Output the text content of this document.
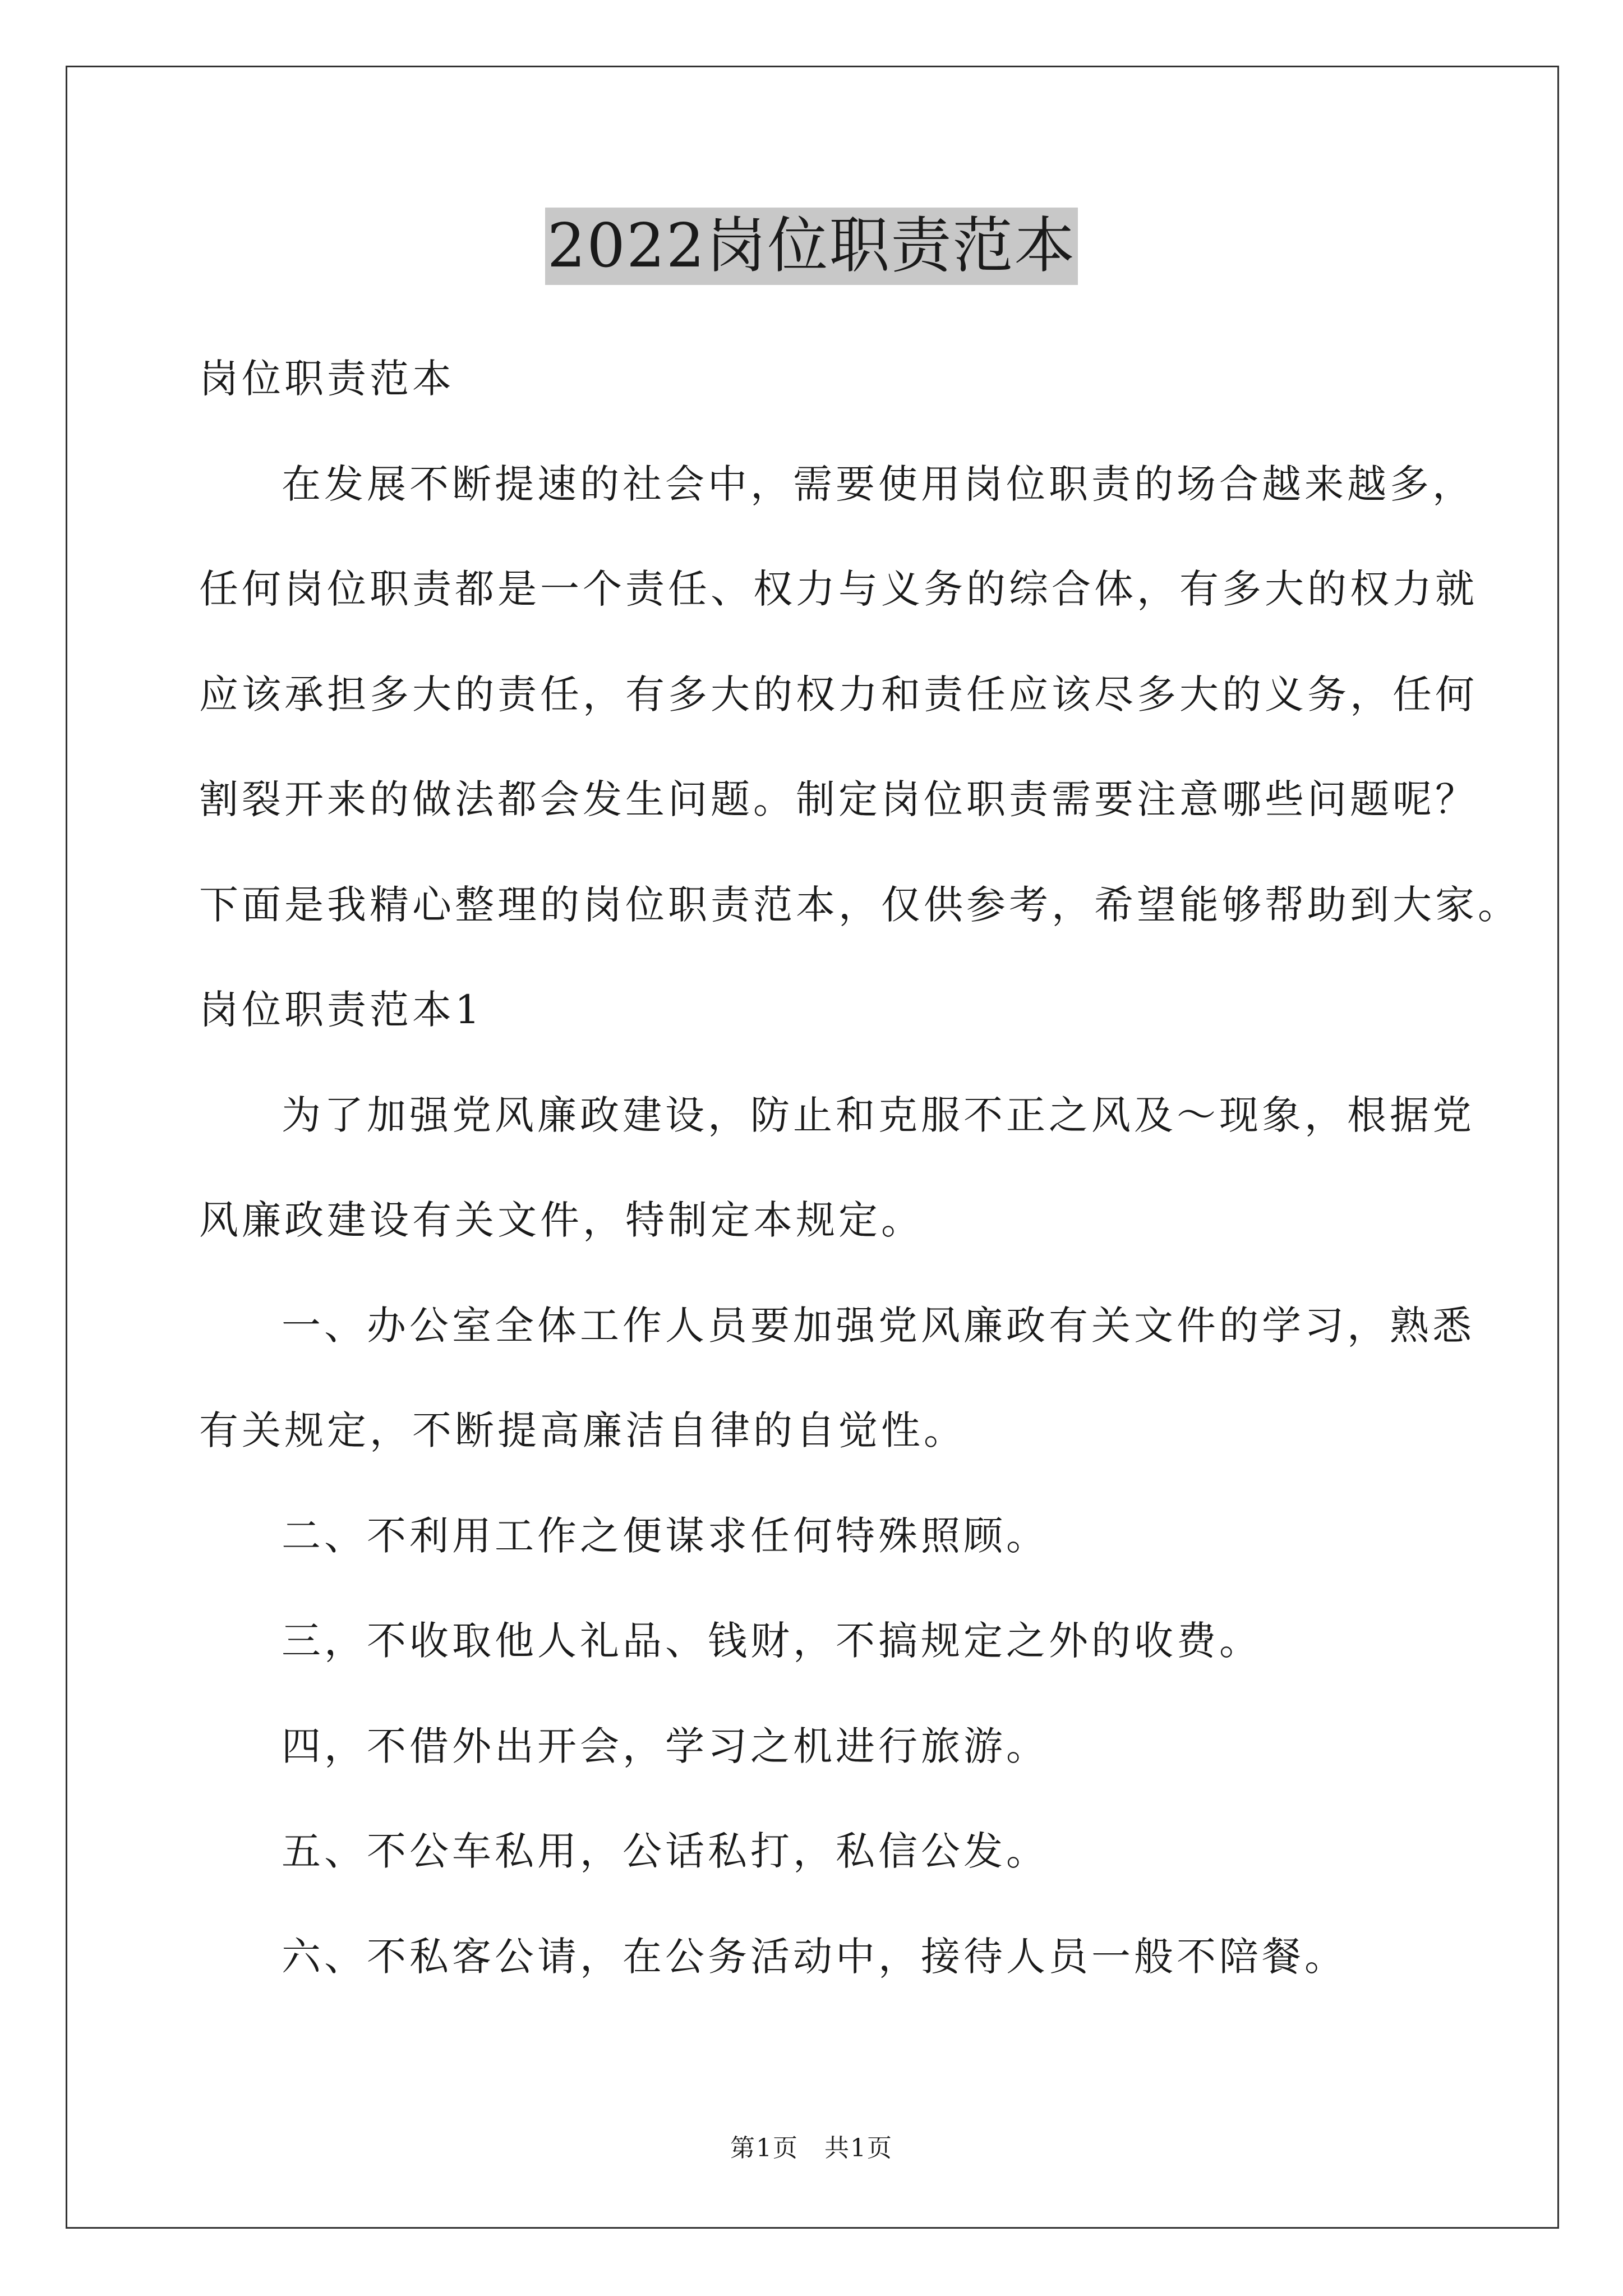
2022岗位职责范本
岗位职责范本
在发展不断提速的社会中，需要使用岗位职责的场合越来越多，
任何岗位职责都是一个责任、权力与义务的综合体，有多大的权力就
应该承担多大的责任，有多大的权力和责任应该尽多大的义务，任何
割裂开来的做法都会发生问题。制定岗位职责需要注意哪些问题呢？
下面是我精心整理的岗位职责范本，仅供参考，希望能够帮助到大家。
岗位职责范本1
为了加强党风廉政建设，防止和克服不正之风及～现象，根据党
风廉政建设有关文件，特制定本规定。
一、办公室全体工作人员要加强党风廉政有关文件的学习，熟悉
有关规定，不断提高廉洁自律的自觉性。
二、不利用工作之便谋求任何特殊照顾。
三，不收取他人礼品、钱财，不搞规定之外的收费。
四，不借外出开会，学习之机进行旅游。
五、不公车私用，公话私打，私信公发。
六、不私客公请，在公务活动中，接待人员一般不陪餐。
第1页　共1页
